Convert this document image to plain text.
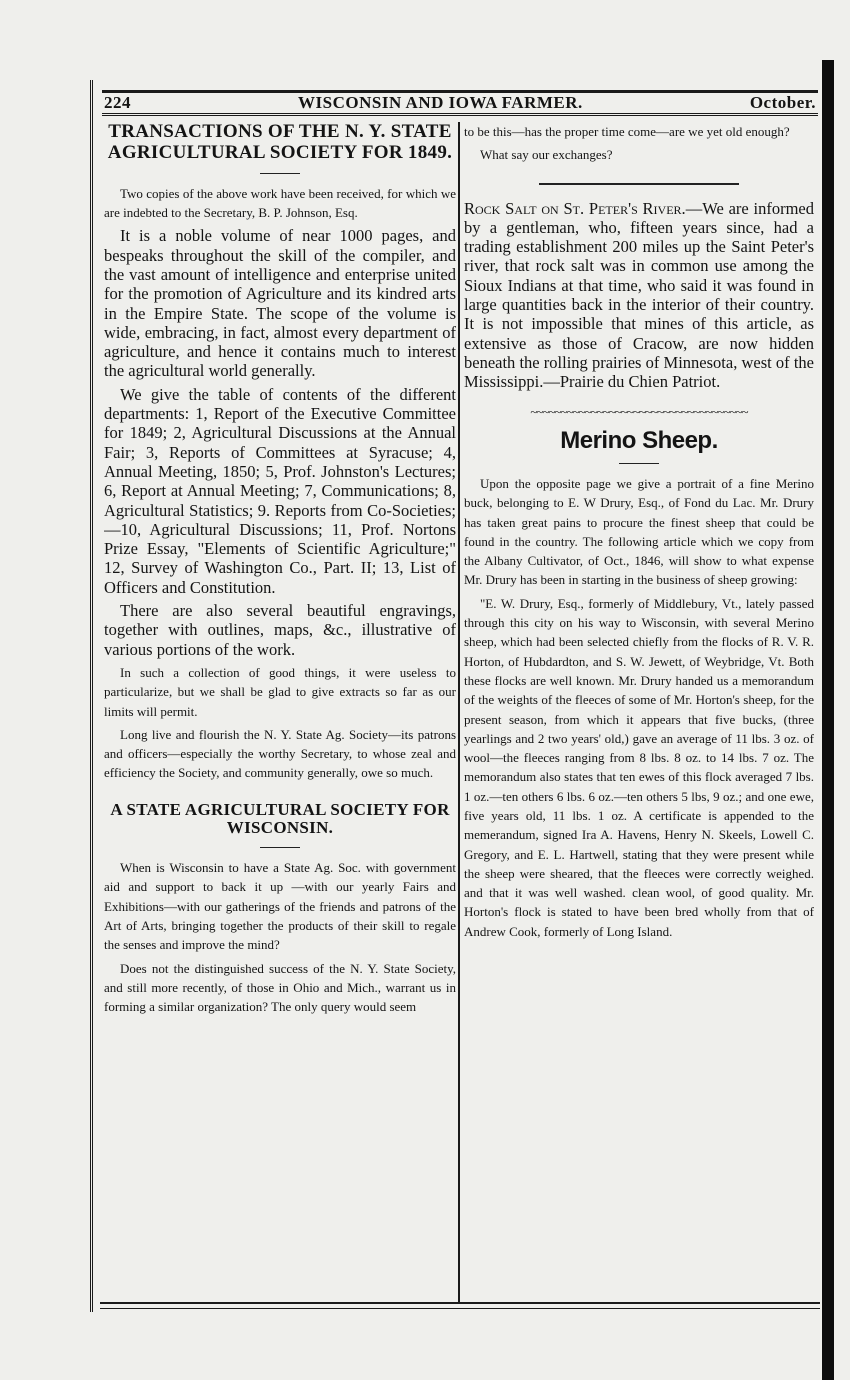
224	WISCONSIN AND IOWA FARMER.	October.
TRANSACTIONS OF THE N. Y. STATE
AGRICULTURAL SOCIETY FOR 1849.

Two copies of the above work have been received, for which we are indebted to the Secretary, B. P. Johnson, Esq.

It is a noble volume of near 1000 pages, and bespeaks throughout the skill of the compiler, and the vast amount of intelligence and enterprise united for the promotion of Agriculture and its kindred arts in the Empire State. The scope of the volume is wide, embracing, in fact, almost every department of agriculture, and hence it contains much to interest the agricultural world generally.

We give the table of contents of the different departments: 1, Report of the Executive Committee for 1849; 2, Agricultural Discussions at the Annual Fair; 3, Reports of Committees at Syracuse; 4, Annual Meeting, 1850; 5, Prof. Johnston's Lectures; 6, Report at Annual Meeting; 7, Communications; 8, Agricultural Statistics; 9. Reports from Co-Societies;—10, Agricultural Discussions; 11, Prof. Nortons Prize Essay, "Elements of Scientific Agriculture;" 12, Survey of Washington Co., Part. II; 13, List of Officers and Constitution.

There are also several beautiful engravings, together with outlines, maps, &c., illustrative of various portions of the work.

In such a collection of good things, it were useless to particularize, but we shall be glad to give extracts so far as our limits will permit.

Long live and flourish the N. Y. State Ag. Society—its patrons and officers—especially the worthy Secretary, to whose zeal and efficiency the Society, and community generally, owe so much.

A STATE AGRICULTURAL SOCIETY FOR
WISCONSIN.

When is Wisconsin to have a State Ag. Soc. with government aid and support to back it up —with our yearly Fairs and Exhibitions—with our gatherings of the friends and patrons of the Art of Arts, bringing together the products of their skill to regale the senses and improve the mind?

Does not the distinguished success of the N. Y. State Society, and still more recently, of those in Ohio and Mich., warrant us in forming a similar organization? The only query would seem

to be this—has the proper time come—are we yet old enough?

What say our exchanges?

Rock Salt on St. Peter's River.—We are informed by a gentleman, who, fifteen years since, had a trading establishment 200 miles up the Saint Peter's river, that rock salt was in common use among the Sioux Indians at that time, who said it was found in large quantities back in the interior of their country. It is not impossible that mines of this article, as extensive as those of Cracow, are now hidden beneath the rolling prairies of Minnesota, west of the Mississippi.—Prairie du Chien Patriot.

~~~~~~~~~~~~~~~~~~~~~~~~~~~~~~~~~~~~
Merino Sheep.

Upon the opposite page we give a portrait of a fine Merino buck, belonging to E. W Drury, Esq., of Fond du Lac. Mr. Drury has taken great pains to procure the finest sheep that could be found in the country. The following article which we copy from the Albany Cultivator, of Oct., 1846, will show to what expense Mr. Drury has been in starting in the business of sheep growing:

"E. W. Drury, Esq., formerly of Middlebury, Vt., lately passed through this city on his way to Wisconsin, with several Merino sheep, which had been selected chiefly from the flocks of R. V. R. Horton, of Hubdardton, and S. W. Jewett, of Weybridge, Vt. Both these flocks are well known. Mr. Drury handed us a memorandum of the weights of the fleeces of some of Mr. Horton's sheep, for the present season, from which it appears that five bucks, (three yearlings and 2 two years' old,) gave an average of 11 lbs. 3 oz. of wool—the fleeces ranging from 8 lbs. 8 oz. to 14 lbs. 7 oz. The memorandum also states that ten ewes of this flock averaged 7 lbs. 1 oz.—ten others 6 lbs. 6 oz.—ten others 5 lbs, 9 oz.; and one ewe, five years old, 11 lbs. 1 oz. A certificate is appended to the memerandum, signed Ira A. Havens, Henry N. Skeels, Lowell C. Gregory, and E. L. Hartwell, stating that they were present while the sheep were sheared, that the fleeces were correctly weighed. and that it was well washed. clean wool, of good quality. Mr. Horton's flock is stated to have been bred wholly from that of Andrew Cook, formerly of Long Island.
